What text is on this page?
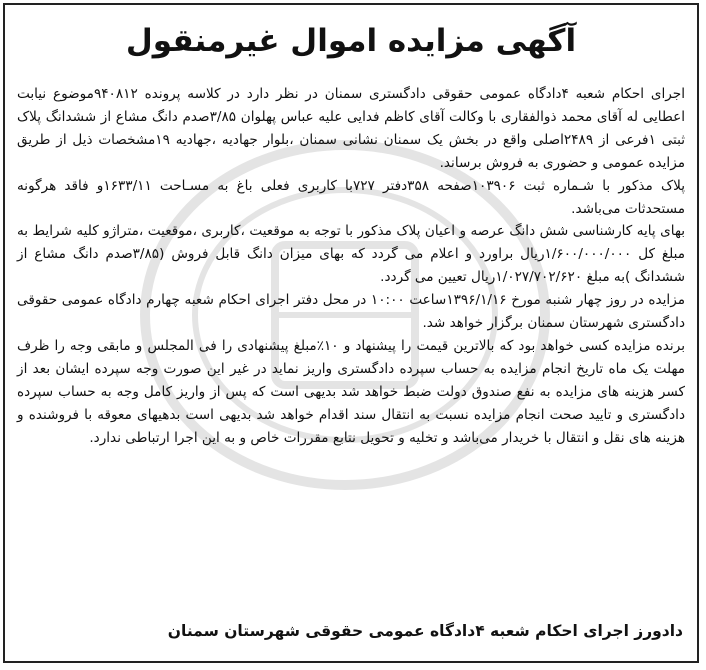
آگهی مزایده اموال غیرمنقول

اجرای احکام شعبه ۴دادگاه عمومی حقوقی دادگستری سمنان در نظر دارد در کلاسه پرونده ۹۴۰۸۱۲موضوع نیابت اعطایی له آقای محمد ذوالفقاری با وکالت آقای کاظم فدایی علیه عباس پهلوان ۳/۸۵صدم دانگ مشاع از ششدانگ پلاک ثبتی ۱فرعی از ۲۴۸۹اصلی واقع در بخش یک سمنان نشانی سمنان ،بلوار جهادیه ،جهادیه ۱۹مشخصات ذیل از طریق مزایده عمومی و حضوری به فروش برساند.

پلاک مذکور با شـماره ثبت ۱۰۳۹۰۶صفحه ۳۵۸دفتر ۷۲۷با کاربری فعلی باغ به مسـاحت ۱۶۳۳/۱۱و فاقد هرگونه مستحدثات می‌باشد.

بهای پایه کارشناسی شش دانگ عرصه و اعیان پلاک مذکور با توجه به موقعیت ،کاربری ،موقعیت ،متراژو کلیه شرایط به مبلغ کل ۱/۶۰۰/۰۰۰/۰۰۰ریال براورد و اعلام می گردد که بهای میزان دانگ قابل فروش (۳/۸۵صدم دانگ مشاع از ششدانگ )به مبلغ ۱/۰۲۷/۷۰۲/۶۲۰ریال تعیین می گردد.

مزایده در روز چهار شنبه مورخ ۱۳۹۶/۱/۱۶ساعت ۱۰:۰۰ در محل دفتر اجرای احکام شعبه چهارم دادگاه عمومی حقوقی دادگستری شهرستان سمنان برگزار خواهد شد.

برنده مزایده کسی خواهد بود که بالاترین قیمت را پیشنهاد و ۱۰٪مبلغ پیشنهادی را فی المجلس و مابقی وجه را ظرف مهلت یک ماه تاریخ انجام مزایده به حساب سپرده دادگستری واریز نماید در غیر این صورت وجه سپرده ایشان بعد از کسر هزینه های مزایده به نفع صندوق دولت ضبط خواهد شد بدیهی است که پس از واریز کامل وجه به حساب سپرده دادگستری و تایید صحت انجام مزایده نسبت به انتقال سند اقدام خواهد شد بدیهی است بدهیهای معوقه با فروشنده و هزینه های نقل و انتقال با خریدار می‌باشد و تخلیه و تحویل نتابع مقررات خاص و به این اجرا ارتباطی ندارد.

دادورز اجرای احکام شعبه ۴دادگاه عمومی حقوقی شهرستان سمنان
